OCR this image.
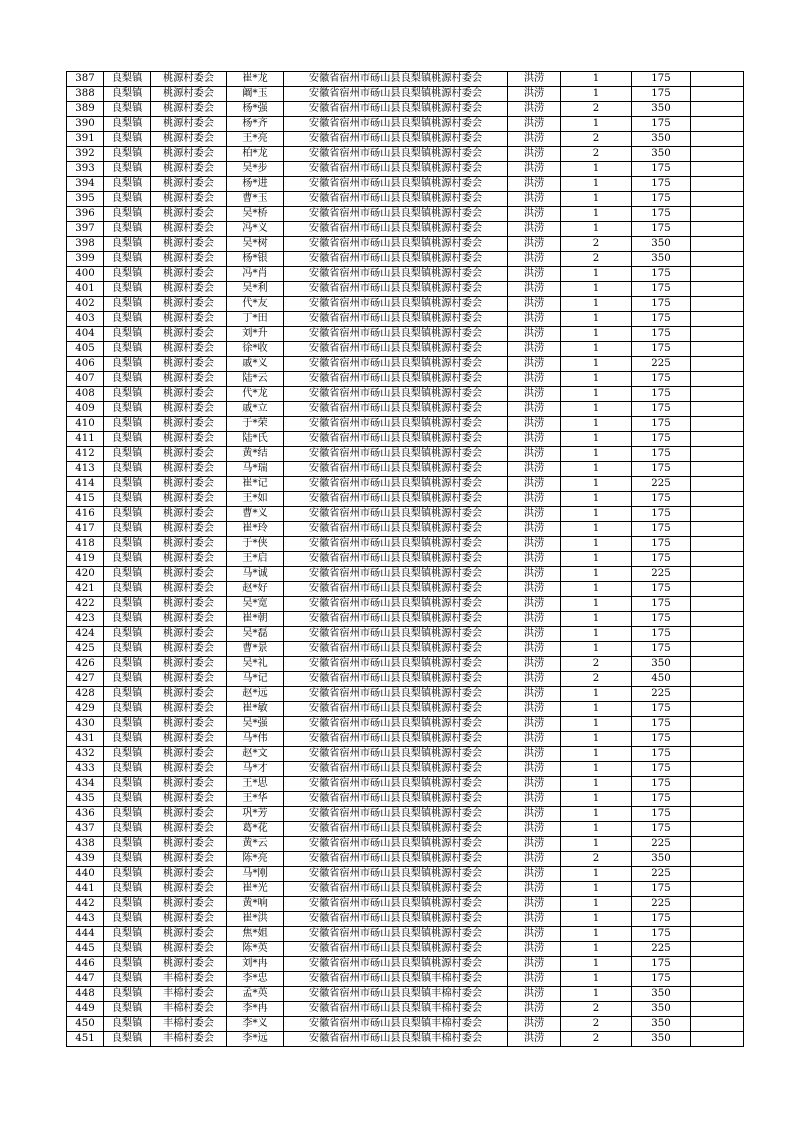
387	良梨镇	桃源村委会	崔*龙	安徽省宿州市砀山县良梨镇桃源村委会	洪涝	1	175	
388	良梨镇	桃源村委会	阚*玉	安徽省宿州市砀山县良梨镇桃源村委会	洪涝	1	175	
389	良梨镇	桃源村委会	杨*强	安徽省宿州市砀山县良梨镇桃源村委会	洪涝	2	350	
390	良梨镇	桃源村委会	杨*齐	安徽省宿州市砀山县良梨镇桃源村委会	洪涝	1	175	
391	良梨镇	桃源村委会	王*亮	安徽省宿州市砀山县良梨镇桃源村委会	洪涝	2	350	
392	良梨镇	桃源村委会	柏*龙	安徽省宿州市砀山县良梨镇桃源村委会	洪涝	2	350	
393	良梨镇	桃源村委会	吴*步	安徽省宿州市砀山县良梨镇桃源村委会	洪涝	1	175	
394	良梨镇	桃源村委会	杨*进	安徽省宿州市砀山县良梨镇桃源村委会	洪涝	1	175	
395	良梨镇	桃源村委会	曹*玉	安徽省宿州市砀山县良梨镇桃源村委会	洪涝	1	175	
396	良梨镇	桃源村委会	吴*桥	安徽省宿州市砀山县良梨镇桃源村委会	洪涝	1	175	
397	良梨镇	桃源村委会	冯*义	安徽省宿州市砀山县良梨镇桃源村委会	洪涝	1	175	
398	良梨镇	桃源村委会	吴*树	安徽省宿州市砀山县良梨镇桃源村委会	洪涝	2	350	
399	良梨镇	桃源村委会	杨*银	安徽省宿州市砀山县良梨镇桃源村委会	洪涝	2	350	
400	良梨镇	桃源村委会	冯*肖	安徽省宿州市砀山县良梨镇桃源村委会	洪涝	1	175	
401	良梨镇	桃源村委会	吴*利	安徽省宿州市砀山县良梨镇桃源村委会	洪涝	1	175	
402	良梨镇	桃源村委会	代*友	安徽省宿州市砀山县良梨镇桃源村委会	洪涝	1	175	
403	良梨镇	桃源村委会	丁*田	安徽省宿州市砀山县良梨镇桃源村委会	洪涝	1	175	
404	良梨镇	桃源村委会	刘*升	安徽省宿州市砀山县良梨镇桃源村委会	洪涝	1	175	
405	良梨镇	桃源村委会	徐*收	安徽省宿州市砀山县良梨镇桃源村委会	洪涝	1	175	
406	良梨镇	桃源村委会	戚*义	安徽省宿州市砀山县良梨镇桃源村委会	洪涝	1	225	
407	良梨镇	桃源村委会	陆*云	安徽省宿州市砀山县良梨镇桃源村委会	洪涝	1	175	
408	良梨镇	桃源村委会	代*龙	安徽省宿州市砀山县良梨镇桃源村委会	洪涝	1	175	
409	良梨镇	桃源村委会	戚*立	安徽省宿州市砀山县良梨镇桃源村委会	洪涝	1	175	
410	良梨镇	桃源村委会	于*荣	安徽省宿州市砀山县良梨镇桃源村委会	洪涝	1	175	
411	良梨镇	桃源村委会	陆*氏	安徽省宿州市砀山县良梨镇桃源村委会	洪涝	1	175	
412	良梨镇	桃源村委会	黄*结	安徽省宿州市砀山县良梨镇桃源村委会	洪涝	1	175	
413	良梨镇	桃源村委会	马*瑞	安徽省宿州市砀山县良梨镇桃源村委会	洪涝	1	175	
414	良梨镇	桃源村委会	崔*记	安徽省宿州市砀山县良梨镇桃源村委会	洪涝	1	225	
415	良梨镇	桃源村委会	王*如	安徽省宿州市砀山县良梨镇桃源村委会	洪涝	1	175	
416	良梨镇	桃源村委会	曹*义	安徽省宿州市砀山县良梨镇桃源村委会	洪涝	1	175	
417	良梨镇	桃源村委会	崔*玲	安徽省宿州市砀山县良梨镇桃源村委会	洪涝	1	175	
418	良梨镇	桃源村委会	于*侠	安徽省宿州市砀山县良梨镇桃源村委会	洪涝	1	175	
419	良梨镇	桃源村委会	王*启	安徽省宿州市砀山县良梨镇桃源村委会	洪涝	1	175	
420	良梨镇	桃源村委会	马*诚	安徽省宿州市砀山县良梨镇桃源村委会	洪涝	1	225	
421	良梨镇	桃源村委会	赵*好	安徽省宿州市砀山县良梨镇桃源村委会	洪涝	1	175	
422	良梨镇	桃源村委会	吴*宽	安徽省宿州市砀山县良梨镇桃源村委会	洪涝	1	175	
423	良梨镇	桃源村委会	崔*朝	安徽省宿州市砀山县良梨镇桃源村委会	洪涝	1	175	
424	良梨镇	桃源村委会	吴*磊	安徽省宿州市砀山县良梨镇桃源村委会	洪涝	1	175	
425	良梨镇	桃源村委会	曹*景	安徽省宿州市砀山县良梨镇桃源村委会	洪涝	1	175	
426	良梨镇	桃源村委会	吴*礼	安徽省宿州市砀山县良梨镇桃源村委会	洪涝	2	350	
427	良梨镇	桃源村委会	马*记	安徽省宿州市砀山县良梨镇桃源村委会	洪涝	2	450	
428	良梨镇	桃源村委会	赵*远	安徽省宿州市砀山县良梨镇桃源村委会	洪涝	1	225	
429	良梨镇	桃源村委会	崔*敏	安徽省宿州市砀山县良梨镇桃源村委会	洪涝	1	175	
430	良梨镇	桃源村委会	吴*强	安徽省宿州市砀山县良梨镇桃源村委会	洪涝	1	175	
431	良梨镇	桃源村委会	马*伟	安徽省宿州市砀山县良梨镇桃源村委会	洪涝	1	175	
432	良梨镇	桃源村委会	赵*文	安徽省宿州市砀山县良梨镇桃源村委会	洪涝	1	175	
433	良梨镇	桃源村委会	马*才	安徽省宿州市砀山县良梨镇桃源村委会	洪涝	1	175	
434	良梨镇	桃源村委会	王*思	安徽省宿州市砀山县良梨镇桃源村委会	洪涝	1	175	
435	良梨镇	桃源村委会	王*华	安徽省宿州市砀山县良梨镇桃源村委会	洪涝	1	175	
436	良梨镇	桃源村委会	巩*芳	安徽省宿州市砀山县良梨镇桃源村委会	洪涝	1	175	
437	良梨镇	桃源村委会	葛*花	安徽省宿州市砀山县良梨镇桃源村委会	洪涝	1	175	
438	良梨镇	桃源村委会	黄*云	安徽省宿州市砀山县良梨镇桃源村委会	洪涝	1	225	
439	良梨镇	桃源村委会	陈*亮	安徽省宿州市砀山县良梨镇桃源村委会	洪涝	2	350	
440	良梨镇	桃源村委会	马*刚	安徽省宿州市砀山县良梨镇桃源村委会	洪涝	1	225	
441	良梨镇	桃源村委会	崔*光	安徽省宿州市砀山县良梨镇桃源村委会	洪涝	1	175	
442	良梨镇	桃源村委会	黄*响	安徽省宿州市砀山县良梨镇桃源村委会	洪涝	1	225	
443	良梨镇	桃源村委会	崔*洪	安徽省宿州市砀山县良梨镇桃源村委会	洪涝	1	175	
444	良梨镇	桃源村委会	焦*姐	安徽省宿州市砀山县良梨镇桃源村委会	洪涝	1	175	
445	良梨镇	桃源村委会	陈*英	安徽省宿州市砀山县良梨镇桃源村委会	洪涝	1	225	
446	良梨镇	桃源村委会	刘*冉	安徽省宿州市砀山县良梨镇桃源村委会	洪涝	1	175	
447	良梨镇	丰棉村委会	李*忠	安徽省宿州市砀山县良梨镇丰棉村委会	洪涝	1	175	
448	良梨镇	丰棉村委会	孟*英	安徽省宿州市砀山县良梨镇丰棉村委会	洪涝	1	350	
449	良梨镇	丰棉村委会	李*冉	安徽省宿州市砀山县良梨镇丰棉村委会	洪涝	2	350	
450	良梨镇	丰棉村委会	李*义	安徽省宿州市砀山县良梨镇丰棉村委会	洪涝	2	350	
451	良梨镇	丰棉村委会	李*远	安徽省宿州市砀山县良梨镇丰棉村委会	洪涝	2	350	
